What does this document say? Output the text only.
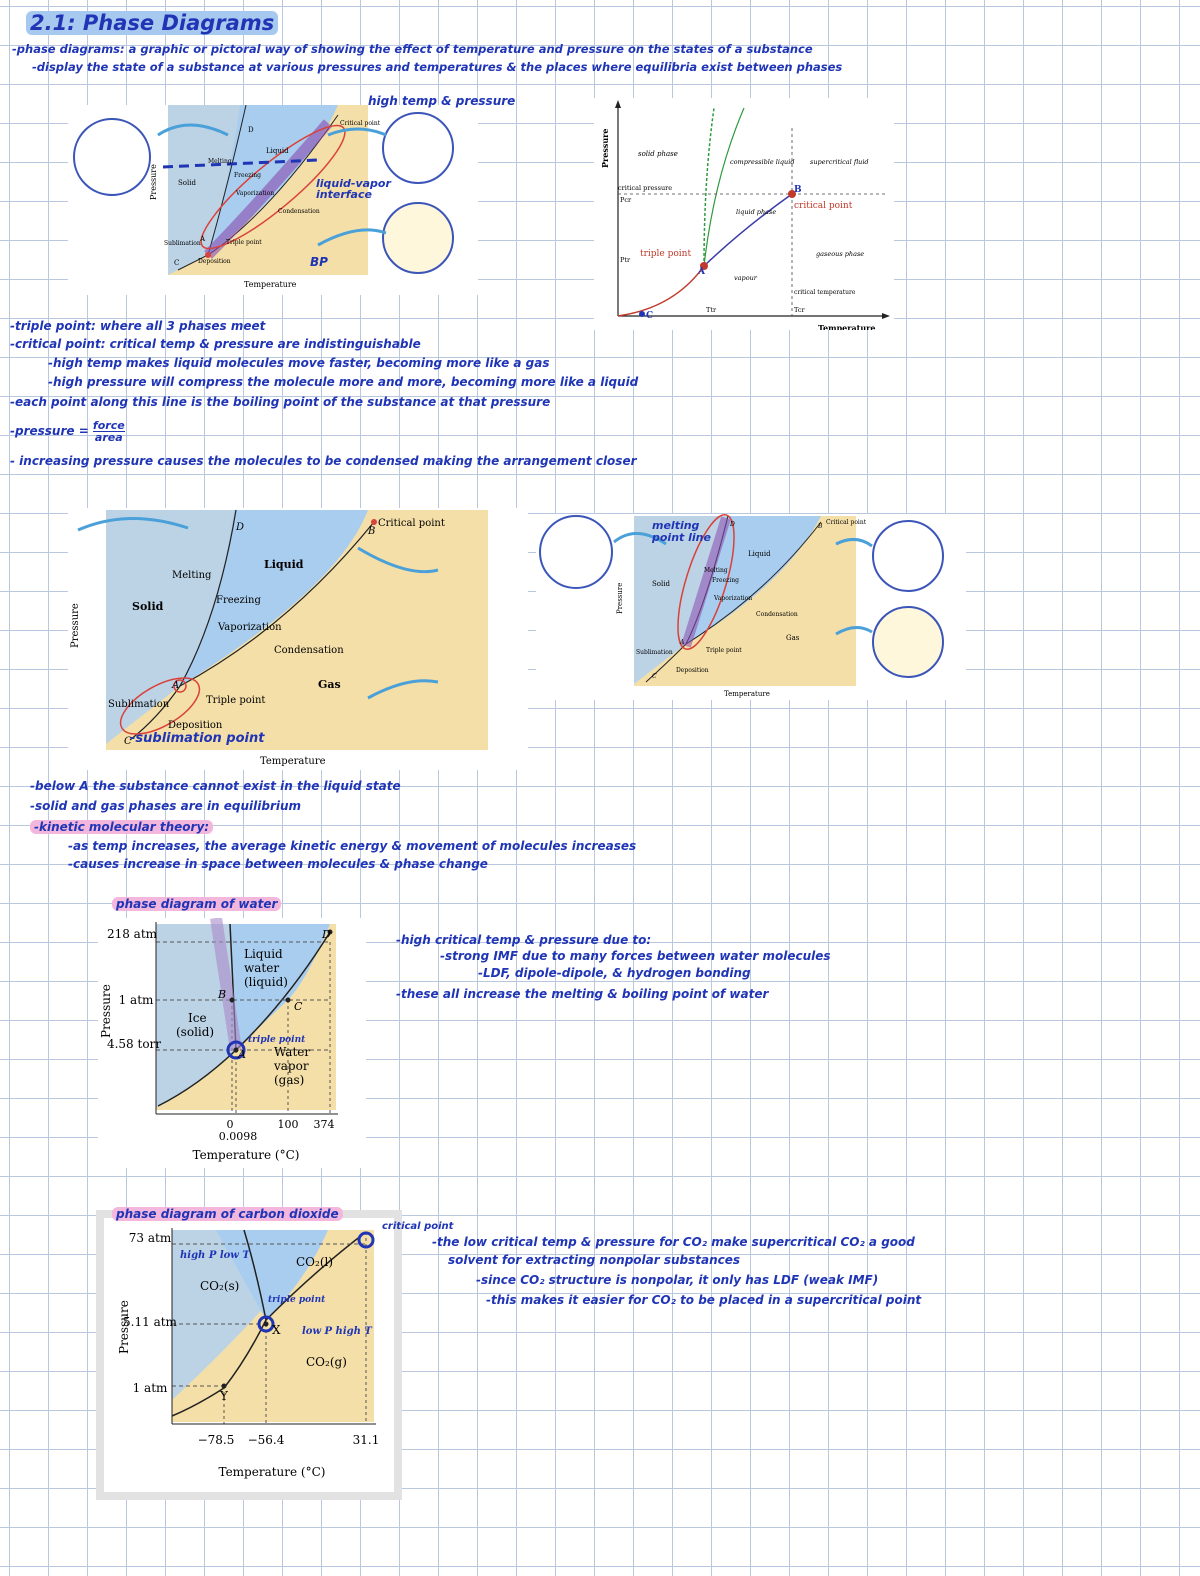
2.1: Phase Diagrams
-phase diagrams: a graphic or pictoral way of showing the effect of temperature and pressure on the states of a substance
-display the state of a substance at various pressures and temperatures & the places where equilibria exist between phases
Pressure
Temperature
Solid
Liquid
Melting
Freezing
Vaporization
Condensation
Sublimation
Deposition
Triple point
Critical point
C
D
A
high temp & pressure
liquid-vapor interface
BP
Pressure
Temperature
solid phase
critical pressure
Pcr
Ptr
triple point
compressible liquid
liquid phase
vapour
supercritical fluid
critical point
gaseous phase
critical temperature
Tcr
Ttr
A
B
C
-triple point: where all 3 phases meet
-critical point: critical temp & pressure are indistinguishable
-high temp makes liquid molecules move faster, becoming more like a gas
-high pressure will compress the molecule more and more, becoming more like a liquid
-each point along this line is the boiling point of the substance at that pressure
-pressure = force
area
- increasing pressure causes the molecules to be condensed making the arrangement closer
Pressure
Temperature
Solid
Liquid
Gas
Melting
Freezing
Vaporization
Condensation
Sublimation
Deposition
Triple point
Critical point
D	B
A
C
-sublimation point
Pressure
Temperature
Solid
Liquid
Gas
Melting
Freezing
Vaporization
Condensation
Sublimation
Deposition
Triple point
Critical point
D	B
A
C
melting point line
-below A the substance cannot exist in the liquid state
-solid and gas phases are in equilibrium
-kinetic molecular theory:
-as temp increases, the average kinetic energy & movement of molecules increases
-causes increase in space between molecules & phase change
phase diagram of water
218 atm
1 atm
4.58 torr
0
0.0098
100 374
Temperature (°C)
Pressure
Liquid
water
(liquid)
Ice
(solid)
Water
vapor
(gas)
A
B
C
D
triple point
-high critical temp & pressure due to:
-strong IMF due to many forces between water molecules
-LDF, dipole-dipole, & hydrogen bonding
-these all increase the melting & boiling point of water
73 atm
5.11 atm
1 atm
−78.5 −56.4	31.1
Temperature (°C)
Pressure
CO₂(s)
CO₂(l)
CO₂(g)
X
Y
high P low T
triple point
low P high T
phase diagram of carbon dioxide
critical point
-the low critical temp & pressure for CO₂ make supercritical CO₂ a good
solvent for extracting nonpolar substances
-since CO₂ structure is nonpolar, it only has LDF (weak IMF)
-this makes it easier for CO₂ to be placed in a supercritical point
